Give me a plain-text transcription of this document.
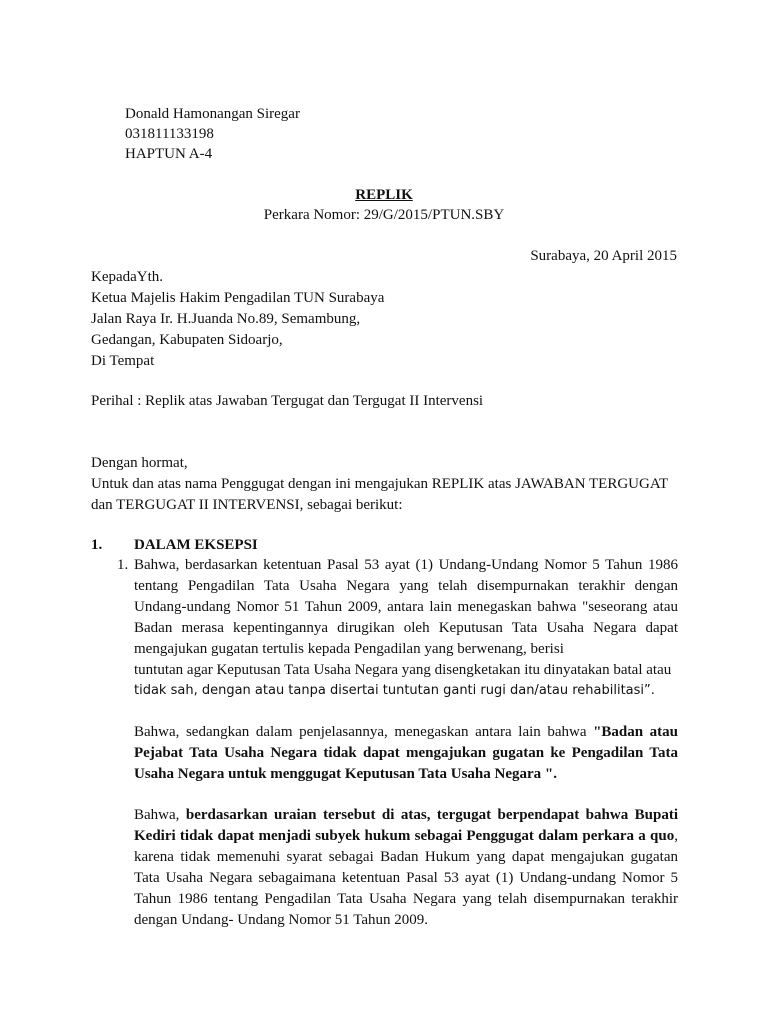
Donald Hamonangan Siregar

031811133198

HAPTUN A-4

REPLIK

Perkara Nomor: 29/G/2015/PTUN.SBY

Surabaya, 20 April 2015

KepadaYth.

Ketua Majelis Hakim Pengadilan TUN Surabaya

Jalan Raya Ir. H.Juanda No.89, Semambung,

Gedangan, Kabupaten Sidoarjo,

Di Tempat

Perihal : Replik atas Jawaban Tergugat dan Tergugat II Intervensi

Dengan hormat,

Untuk dan atas nama Penggugat dengan ini mengajukan REPLIK atas JAWABAN TERGUGAT

dan TERGUGAT II INTERVENSI, sebagai berikut:

1. DALAM EKSEPSI

1. Bahwa, berdasarkan ketentuan Pasal 53 ayat (1) Undang-Undang Nomor 5 Tahun 1986 tentang Pengadilan Tata Usaha Negara yang telah disempurnakan terakhir dengan Undang-undang Nomor 51 Tahun 2009, antara lain menegaskan bahwa "seseorang atau Badan merasa kepentingannya dirugikan oleh Keputusan Tata Usaha Negara dapat mengajukan gugatan tertulis kepada Pengadilan yang berwenang, berisi

tuntutan agar Keputusan Tata Usaha Negara yang disengketakan itu dinyatakan batal atau

tidak sah, dengan atau tanpa disertai tuntutan ganti rugi dan/atau rehabilitasi”.

Bahwa, sedangkan dalam penjelasannya, menegaskan antara lain bahwa "Badan atau Pejabat Tata Usaha Negara tidak dapat mengajukan gugatan ke Pengadilan Tata Usaha Negara untuk menggugat Keputusan Tata Usaha Negara ".

Bahwa, berdasarkan uraian tersebut di atas, tergugat berpendapat bahwa Bupati Kediri tidak dapat menjadi subyek hukum sebagai Penggugat dalam perkara a quo, karena tidak memenuhi syarat sebagai Badan Hukum yang dapat mengajukan gugatan Tata Usaha Negara sebagaimana ketentuan Pasal 53 ayat (1) Undang-undang Nomor 5 Tahun 1986 tentang Pengadilan Tata Usaha Negara yang telah disempurnakan terakhir dengan Undang- Undang Nomor 51 Tahun 2009.
